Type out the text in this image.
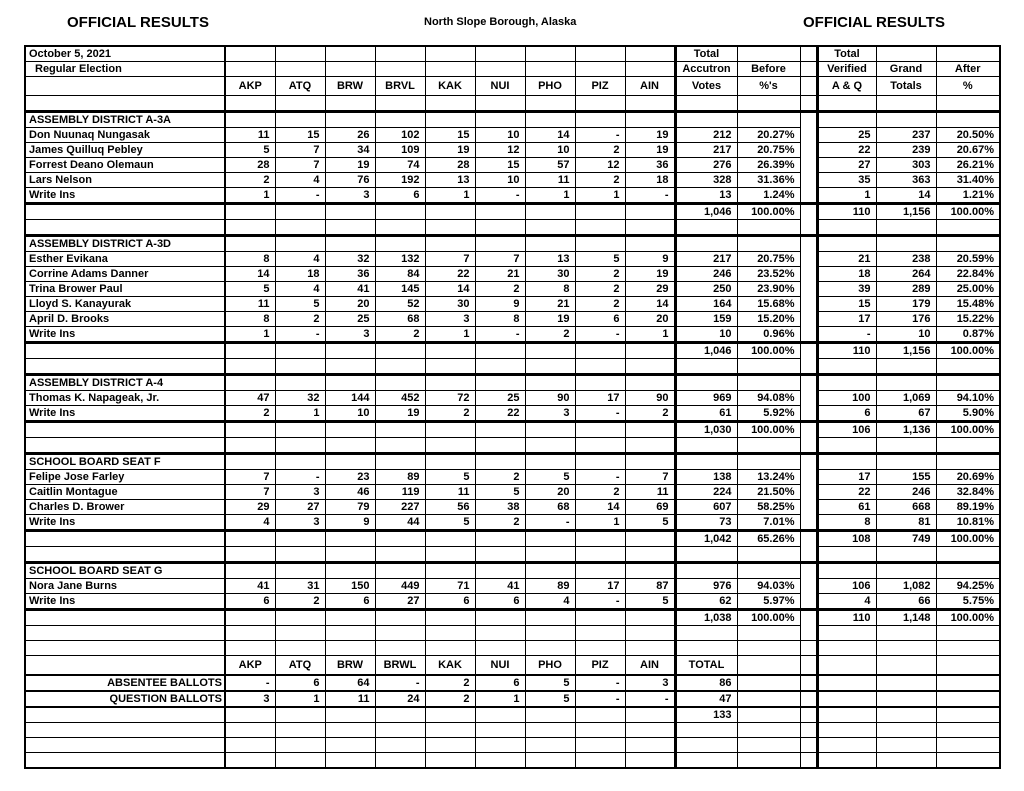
OFFICIAL RESULTS	North Slope Borough, Alaska	OFFICIAL RESULTS
October 5, 2021										Total			Total		
Regular Election										Accutron	Before		Verified	Grand	After
	AKP	ATQ	BRW	BRVL	KAK	NUI	PHO	PIZ	AIN	Votes	%'s		A & Q	Totals	%

ASSEMBLY DISTRICT A-3A															
Don Nuunaq Nungasak	11	15	26	102	15	10	14	-	19	212	20.27%		25	237	20.50%
James Quilluq Pebley	5	7	34	109	19	12	10	2	19	217	20.75%		22	239	20.67%
Forrest Deano Olemaun	28	7	19	74	28	15	57	12	36	276	26.39%		27	303	26.21%
Lars Nelson	2	4	76	192	13	10	11	2	18	328	31.36%		35	363	31.40%
Write Ins	1	-	3	6	1	-	1	1	-	13	1.24%		1	14	1.21%
										1,046	100.00%		110	1,156	100.00%

ASSEMBLY DISTRICT A-3D															
Esther Evikana	8	4	32	132	7	7	13	5	9	217	20.75%		21	238	20.59%
Corrine Adams Danner	14	18	36	84	22	21	30	2	19	246	23.52%		18	264	22.84%
Trina Brower Paul	5	4	41	145	14	2	8	2	29	250	23.90%		39	289	25.00%
Lloyd S. Kanayurak	11	5	20	52	30	9	21	2	14	164	15.68%		15	179	15.48%
April D. Brooks	8	2	25	68	3	8	19	6	20	159	15.20%		17	176	15.22%
Write Ins	1	-	3	2	1	-	2	-	1	10	0.96%		-	10	0.87%
										1,046	100.00%		110	1,156	100.00%

ASSEMBLY DISTRICT A-4															
Thomas K. Napageak, Jr.	47	32	144	452	72	25	90	17	90	969	94.08%		100	1,069	94.10%
Write Ins	2	1	10	19	2	22	3	-	2	61	5.92%		6	67	5.90%
										1,030	100.00%		106	1,136	100.00%

SCHOOL BOARD SEAT F															
Felipe Jose Farley	7	-	23	89	5	2	5	-	7	138	13.24%		17	155	20.69%
Caitlin Montague	7	3	46	119	11	5	20	2	11	224	21.50%		22	246	32.84%
Charles D. Brower	29	27	79	227	56	38	68	14	69	607	58.25%		61	668	89.19%
Write Ins	4	3	9	44	5	2	-	1	5	73	7.01%		8	81	10.81%
										1,042	65.26%		108	749	100.00%

SCHOOL BOARD SEAT G															
Nora Jane Burns	41	31	150	449	71	41	89	17	87	976	94.03%		106	1,082	94.25%
Write Ins	6	2	6	27	6	6	4	-	5	62	5.97%		4	66	5.75%
										1,038	100.00%		110	1,148	100.00%

	AKP	ATQ	BRW	BRWL	KAK	NUI	PHO	PIZ	AIN	TOTAL					
ABSENTEE BALLOTS	-	6	64	-	2	6	5	-	3	86					
QUESTION BALLOTS	3	1	11	24	2	1	5	-	-	47					
										133					
